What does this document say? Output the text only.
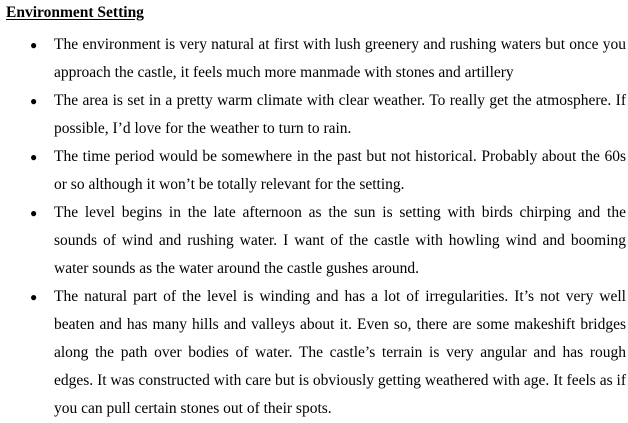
Environment Setting
● The environment is very natural at first with lush greenery and rushing waters but once you approach the castle, it feels much more manmade with stones and artillery
● The area is set in a pretty warm climate with clear weather. To really get the atmosphere. If possible, I’d love for the weather to turn to rain.
● The time period would be somewhere in the past but not historical. Probably about the 60s or so although it won’t be totally relevant for the setting.
● The level begins in the late afternoon as the sun is setting with birds chirping and the sounds of wind and rushing water. I want of the castle with howling wind and booming water sounds as the water around the castle gushes around.
● The natural part of the level is winding and has a lot of irregularities. It’s not very well beaten and has many hills and valleys about it. Even so, there are some makeshift bridges along the path over bodies of water. The castle’s terrain is very angular and has rough edges. It was constructed with care but is obviously getting weathered with age. It feels as if you can pull certain stones out of their spots.
